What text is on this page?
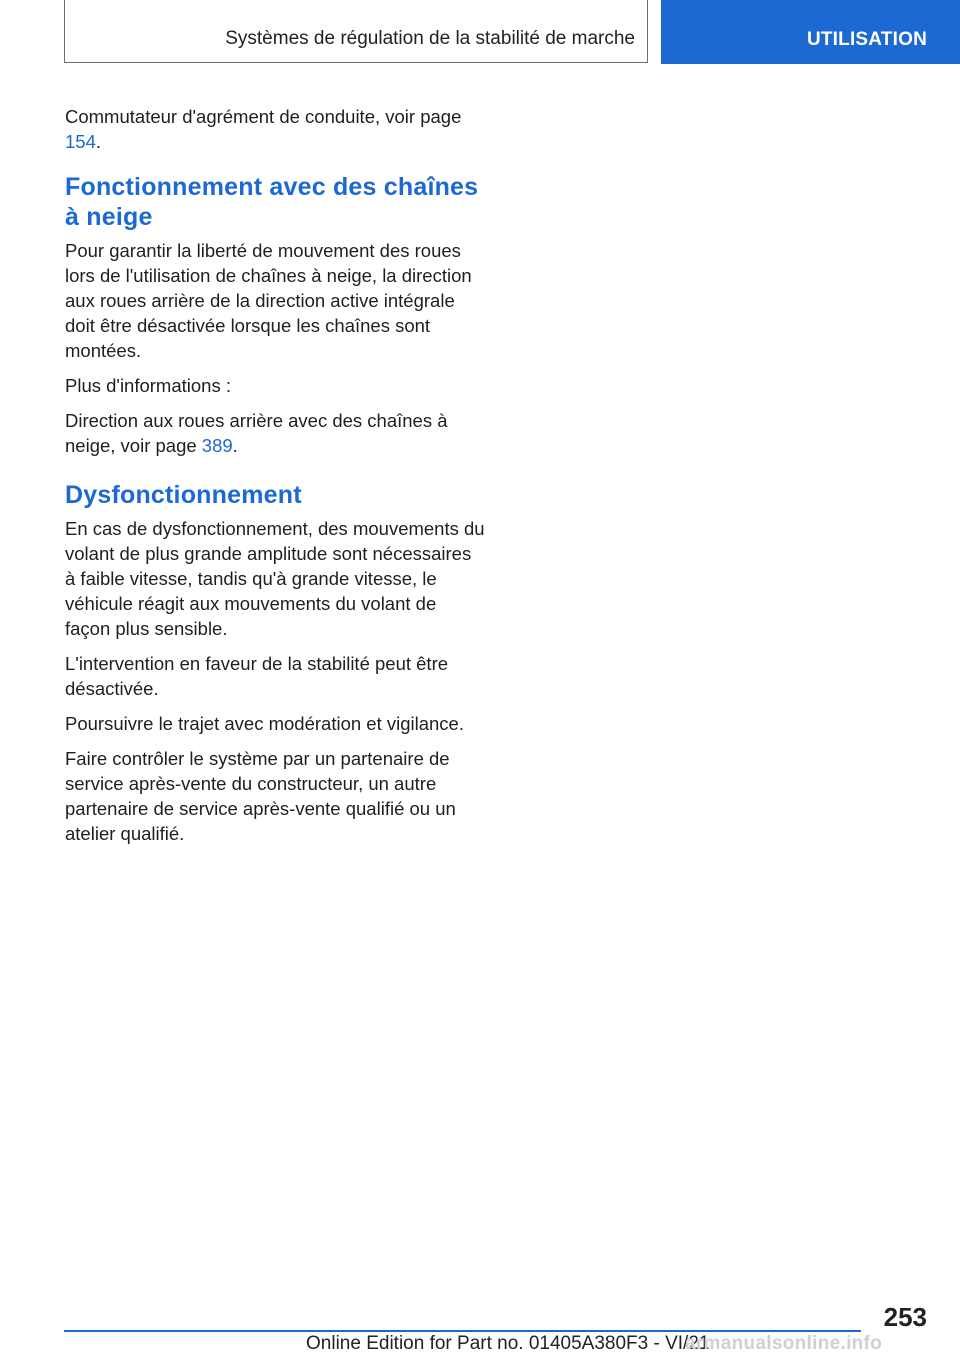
Systèmes de régulation de la stabilité de marche	UTILISATION

Commutateur d'agrément de conduite, voir page 154.

Fonctionnement avec des chaînes à neige

Pour garantir la liberté de mouvement des roues lors de l'utilisation de chaînes à neige, la direction aux roues arrière de la direction active intégrale doit être désactivée lorsque les chaînes sont montées.

Plus d'informations :

Direction aux roues arrière avec des chaînes à neige, voir page 389.

Dysfonctionnement

En cas de dysfonctionnement, des mouvements du volant de plus grande amplitude sont nécessaires à faible vitesse, tandis qu'à grande vitesse, le véhicule réagit aux mouvements du volant de façon plus sensible.

L'intervention en faveur de la stabilité peut être désactivée.

Poursuivre le trajet avec modération et vigilance.

Faire contrôler le système par un partenaire de service après-vente du constructeur, un autre partenaire de service après-vente qualifié ou un atelier qualifié.

253
Online Edition for Part no. 01405A380F3 - VI/21
armanualsonline.info
